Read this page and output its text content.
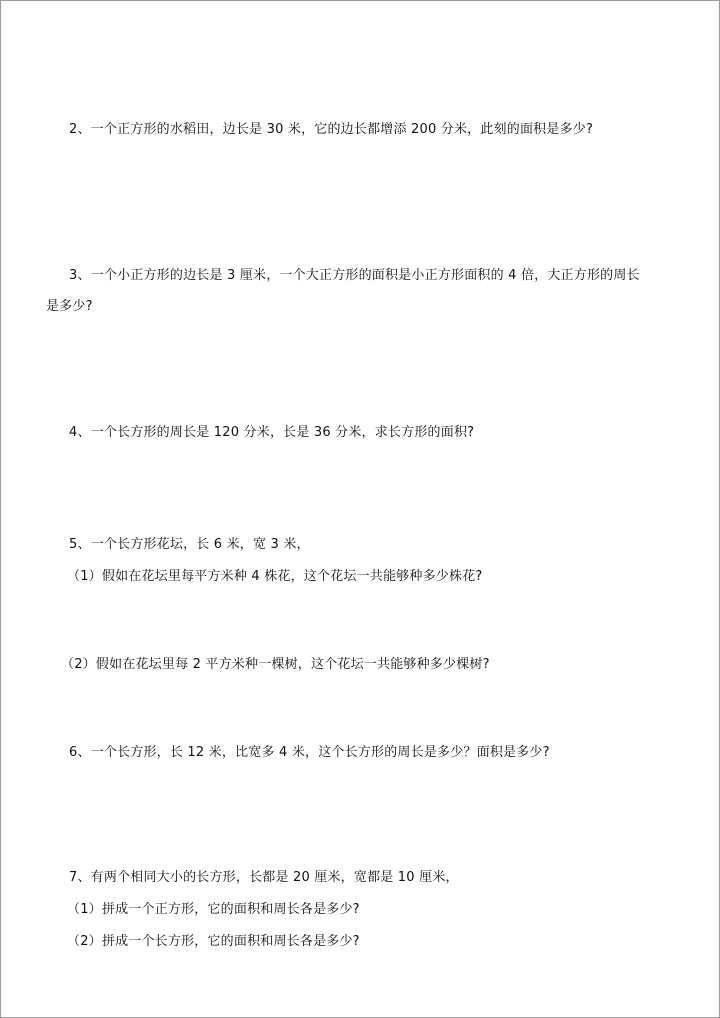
2、一个正方形的水稻田，边长是 30 米，它的边长都增添 200 分米，此刻的面积是多少?
3、一个小正方形的边长是 3 厘米，一个大正方形的面积是小正方形面积的 4 倍，大正方形的周长
是多少?
4、一个长方形的周长是 120 分米，长是 36 分米，求长方形的面积?
5、一个长方形花坛，长 6 米，宽 3 米，
（1）假如在花坛里每平方米种 4 株花，这个花坛一共能够种多少株花?
（2）假如在花坛里每 2 平方米种一棵树，这个花坛一共能够种多少棵树?
6、一个长方形，长 12 米，比宽多 4 米，这个长方形的周长是多少？面积是多少?
7、有两个相同大小的长方形，长都是 20 厘米，宽都是 10 厘米，
（1）拼成一个正方形，它的面积和周长各是多少?
（2）拼成一个长方形，它的面积和周长各是多少?
